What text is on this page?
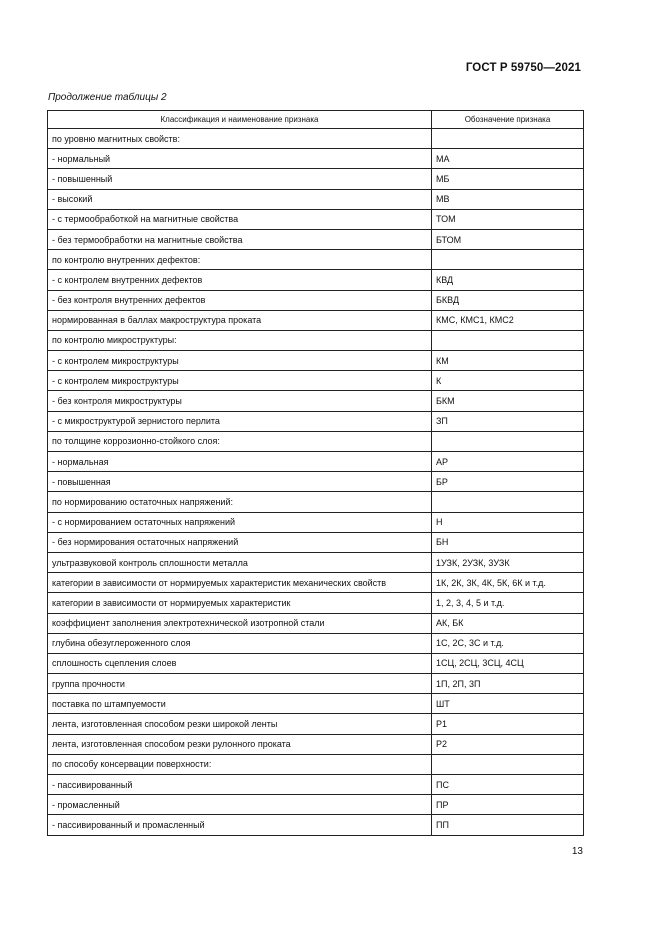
ГОСТ Р 59750—2021
Продолжение таблицы 2
Классификация и наименование признака	Обозначение признака
по уровню магнитных свойств:	
- нормальный	МА
- повышенный	МБ
- высокий	МВ
- с термообработкой на магнитные свойства	ТОМ
- без термообработки на магнитные свойства	БТОМ
по контролю внутренних дефектов:	
- с контролем внутренних дефектов	КВД
- без контроля внутренних дефектов	БКВД
нормированная в баллах макроструктура проката	КМС, КМС1, КМС2
по контролю микроструктуры:	
- с контролем микроструктуры	КМ
- с контролем микроструктуры	К
- без контроля микроструктуры	БКМ
- с микроструктурой зернистого перлита	ЗП
по толщине коррозионно-стойкого слоя:	
- нормальная	АР
- повышенная	БР
по нормированию остаточных напряжений:	
- с нормированием остаточных напряжений	Н
- без нормирования остаточных напряжений	БН
ультразвуковой контроль сплошности металла	1УЗК, 2УЗК, 3УЗК
категории в зависимости от нормируемых характеристик механических свойств	1К, 2К, 3К, 4К, 5К, 6К и т.д.
категории в зависимости от нормируемых характеристик	1, 2, 3, 4, 5 и т.д.
коэффициент заполнения электротехнической изотропной стали	АК, БК
глубина обезуглероженного слоя	1С, 2С, 3С и т.д.
сплошность сцепления слоев	1СЦ, 2СЦ, 3СЦ, 4СЦ
группа прочности	1П, 2П, 3П
поставка по штампуемости	ШТ
лента, изготовленная способом резки широкой ленты	Р1
лента, изготовленная способом резки рулонного проката	Р2
по способу консервации поверхности:	
- пассивированный	ПС
- промасленный	ПР
- пассивированный и промасленный	ПП
13
